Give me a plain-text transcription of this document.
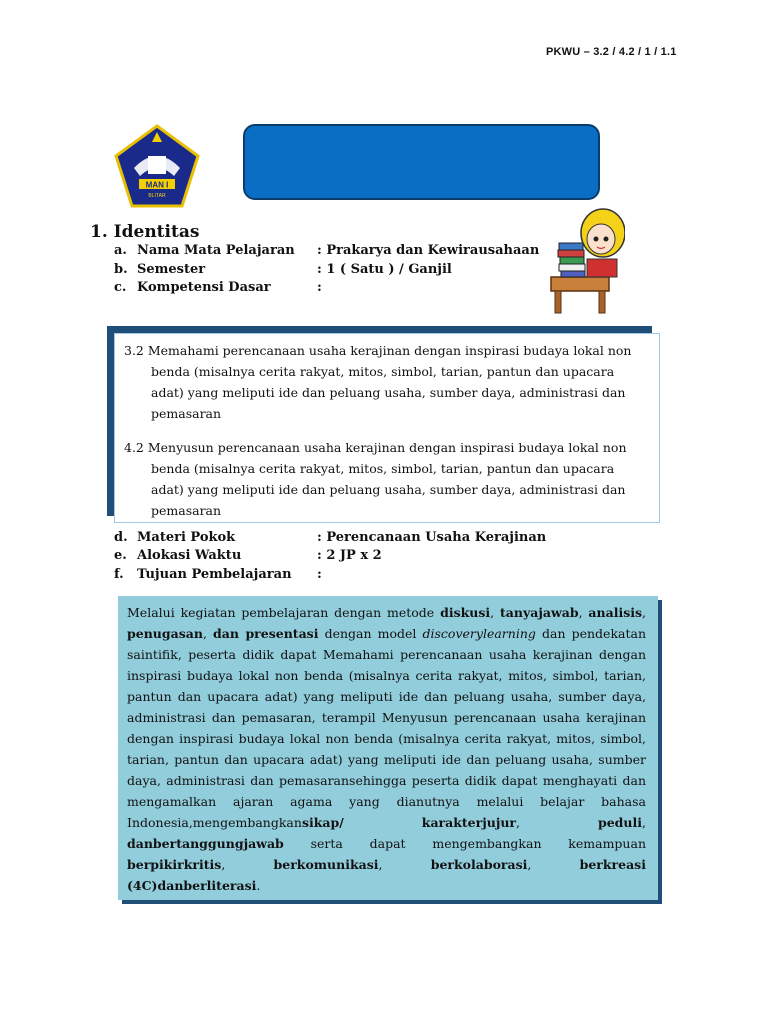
PKWU – 3.2 / 4.2 / 1 / 1.1
MAN I
BLITAR
1. Identitas
a. Nama Mata Pelajaran : Prakarya dan Kewirausahaan
b. Semester	: 1 ( Satu ) / Ganjil
c. Kompetensi Dasar	:
3.2 Memahami perencanaan usaha kerajinan dengan inspirasi budaya lokal non
benda (misalnya cerita rakyat, mitos, simbol, tarian, pantun dan upacara adat) yang meliputi ide dan peluang usaha, sumber daya, administrasi dan pemasaran
4.2 Menyusun perencanaan usaha kerajinan dengan inspirasi budaya lokal non
benda (misalnya cerita rakyat, mitos, simbol, tarian, pantun dan upacara adat) yang meliputi ide dan peluang usaha, sumber daya, administrasi dan pemasaran
d. Materi Pokok	: Perencanaan Usaha Kerajinan
e. Alokasi Waktu	: 2 JP x 2
f. Tujuan Pembelajaran :

Melalui kegiatan pembelajaran dengan metode diskusi, tanyajawab, analisis, penugasan, dan presentasi dengan model discoverylearning dan pendekatan saintifik, peserta didik dapat Memahami perencanaan usaha kerajinan dengan inspirasi budaya lokal non benda (misalnya cerita rakyat, mitos, simbol, tarian, pantun dan upacara adat) yang meliputi ide dan peluang usaha, sumber daya, administrasi dan pemasaran, terampil Menyusun perencanaan usaha kerajinan dengan inspirasi budaya lokal non benda (misalnya cerita rakyat, mitos, simbol, tarian, pantun dan upacara adat) yang meliputi ide dan peluang usaha, sumber daya, administrasi dan pemasaransehingga peserta didik dapat menghayati dan mengamalkan ajaran agama yang dianutnya melalui belajar bahasa Indonesia,mengembangkansikap/	karakterjujur, peduli, danbertanggungjawab serta dapat mengembangkan kemampuan berpikirkritis, berkomunikasi, berkolaborasi, berkreasi (4C)danberliterasi.
